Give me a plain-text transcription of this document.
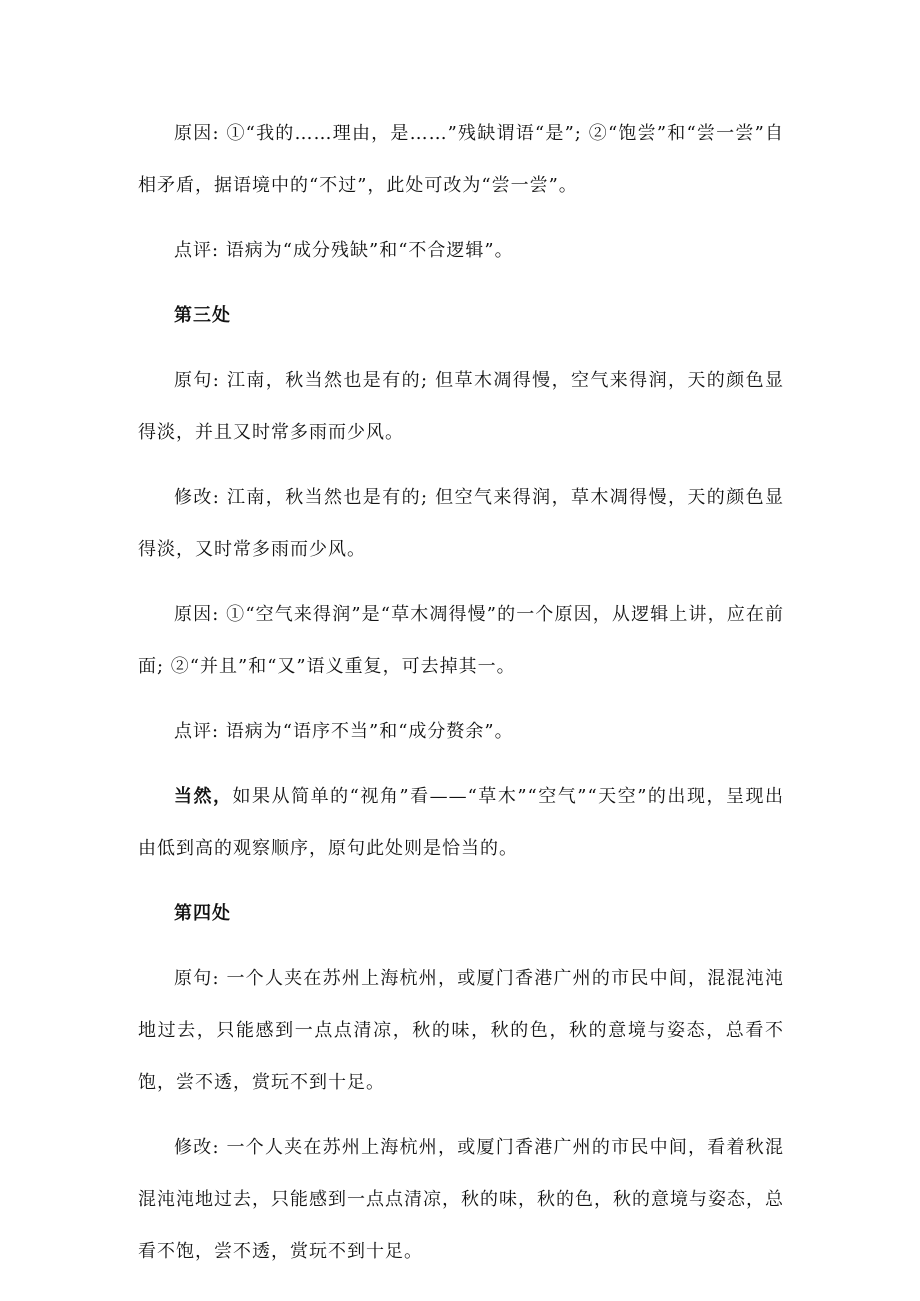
原因: ①“我的……理由，是……”残缺谓语“是”; ②“饱尝”和“尝一尝”自相矛盾，据语境中的“不过”，此处可改为“尝一尝”。

点评: 语病为“成分残缺”和“不合逻辑”。

第三处

原句: 江南，秋当然也是有的; 但草木凋得慢，空气来得润，天的颜色显得淡，并且又时常多雨而少风。

修改: 江南，秋当然也是有的; 但空气来得润，草木凋得慢，天的颜色显得淡，又时常多雨而少风。

原因: ①“空气来得润”是“草木凋得慢”的一个原因，从逻辑上讲，应在前面; ②“并且”和“又”语义重复，可去掉其一。

点评: 语病为“语序不当”和“成分赘余”。

当然，如果从简单的“视角”看——“草木”“空气”“天空”的出现，呈现出由低到高的观察顺序，原句此处则是恰当的。

第四处

原句: 一个人夹在苏州上海杭州，或厦门香港广州的市民中间，混混沌沌地过去，只能感到一点点清凉，秋的味，秋的色，秋的意境与姿态，总看不饱，尝不透，赏玩不到十足。

修改: 一个人夹在苏州上海杭州，或厦门香港广州的市民中间，看着秋混混沌沌地过去，只能感到一点点清凉，秋的味，秋的色，秋的意境与姿态，总看不饱，尝不透，赏玩不到十足。
